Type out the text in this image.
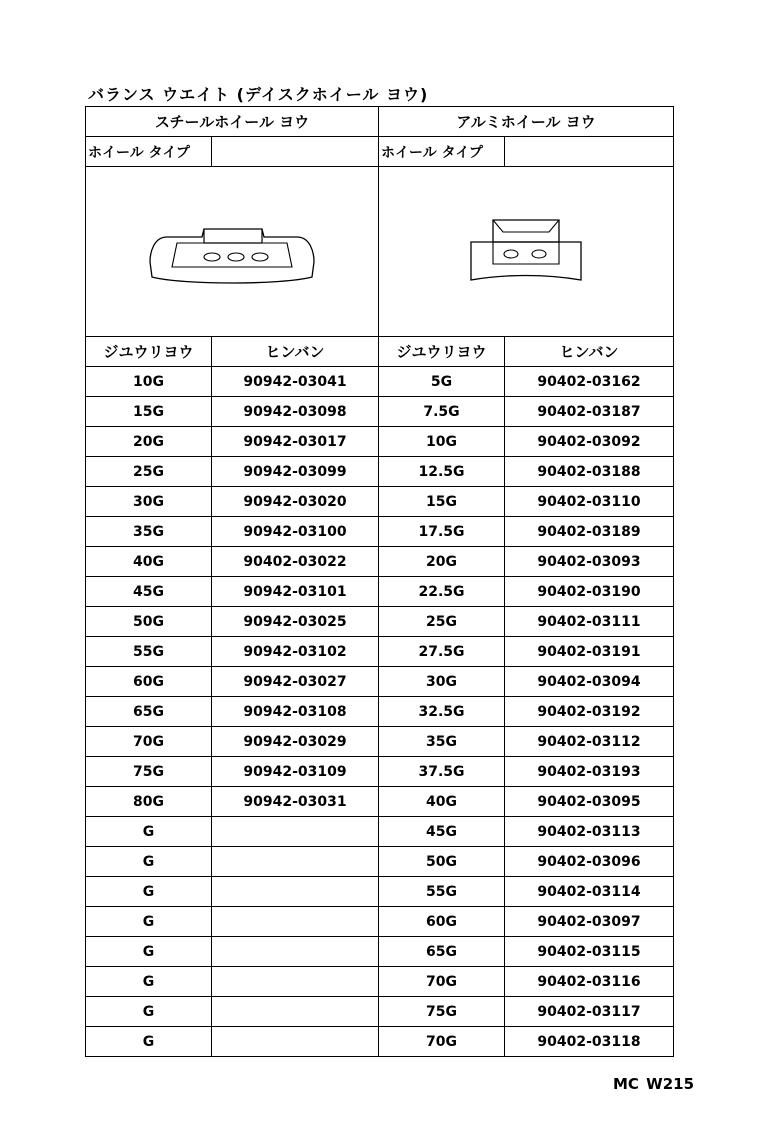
バランス ウエイト (デイスクホイール ヨウ)
スチールホイール ヨウ		アルミホイール ヨウ	
ホイール タイプ		ホイール タイプ	

ジユウリヨウ	ヒンバン	ジユウリヨウ	ヒンバン
10G	90942-03041	5G	90402-03162
15G	90942-03098	7.5G	90402-03187
20G	90942-03017	10G	90402-03092
25G	90942-03099	12.5G	90402-03188
30G	90942-03020	15G	90402-03110
35G	90942-03100	17.5G	90402-03189
40G	90402-03022	20G	90402-03093
45G	90942-03101	22.5G	90402-03190
50G	90942-03025	25G	90402-03111
55G	90942-03102	27.5G	90402-03191
60G	90942-03027	30G	90402-03094
65G	90942-03108	32.5G	90402-03192
70G	90942-03029	35G	90402-03112
75G	90942-03109	37.5G	90402-03193
80G	90942-03031	40G	90402-03095
G		45G	90402-03113
G		50G	90402-03096
G		55G	90402-03114
G		60G	90402-03097
G		65G	90402-03115
G		70G	90402-03116
G		75G	90402-03117
G		70G	90402-03118
MC W215
